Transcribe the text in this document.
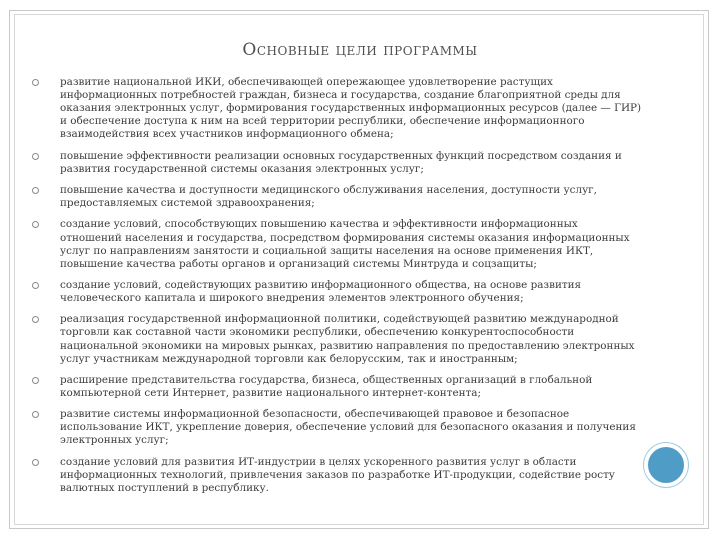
Основные цели программы
развитие национальной ИКИ, обеспечивающей опережающее удовлетворение растущих информационных потребностей граждан, бизнеса и государства, создание благоприятной среды для оказания электронных услуг, формирования государственных информационных ресурсов (далее — ГИР) и обеспечение доступа к ним на всей территории республики, обеспечение информационного взаимодействия всех участников информационного обмена;
повышение эффективности реализации основных государственных функций посредством создания и развития государственной системы оказания электронных услуг;
повышение качества и доступности медицинского обслуживания населения, доступности услуг, предоставляемых системой здравоохранения;
создание условий, способствующих повышению качества и эффективности информационных отношений населения и государства, посредством формирования системы оказания информационных услуг по направлениям занятости и социальной защиты населения на основе применения ИКТ, повышение качества работы органов и организаций системы Минтруда и соцзащиты;
создание условий, содействующих развитию информационного общества, на основе развития человеческого капитала и широкого внедрения элементов электронного обучения;
реализация государственной информационной политики, содействующей развитию международной торговли как составной части экономики республики, обеспечению конкурентоспособности национальной экономики на мировых рынках, развитию направления по предоставлению электронных услуг участникам международной торговли как белорусским, так и иностранным;
расширение представительства государства, бизнеса, общественных организаций в глобальной компьютерной сети Интернет, развитие национального интернет-контента;
развитие системы информационной безопасности, обеспечивающей правовое и безопасное использование ИКТ, укрепление доверия, обеспечение условий для безопасного оказания и получения электронных услуг;
создание условий для развития ИТ-индустрии в целях ускоренного развития услуг в области информационных технологий, привлечения заказов по разработке ИТ-продукции, содействие росту валютных поступлений в республику.
